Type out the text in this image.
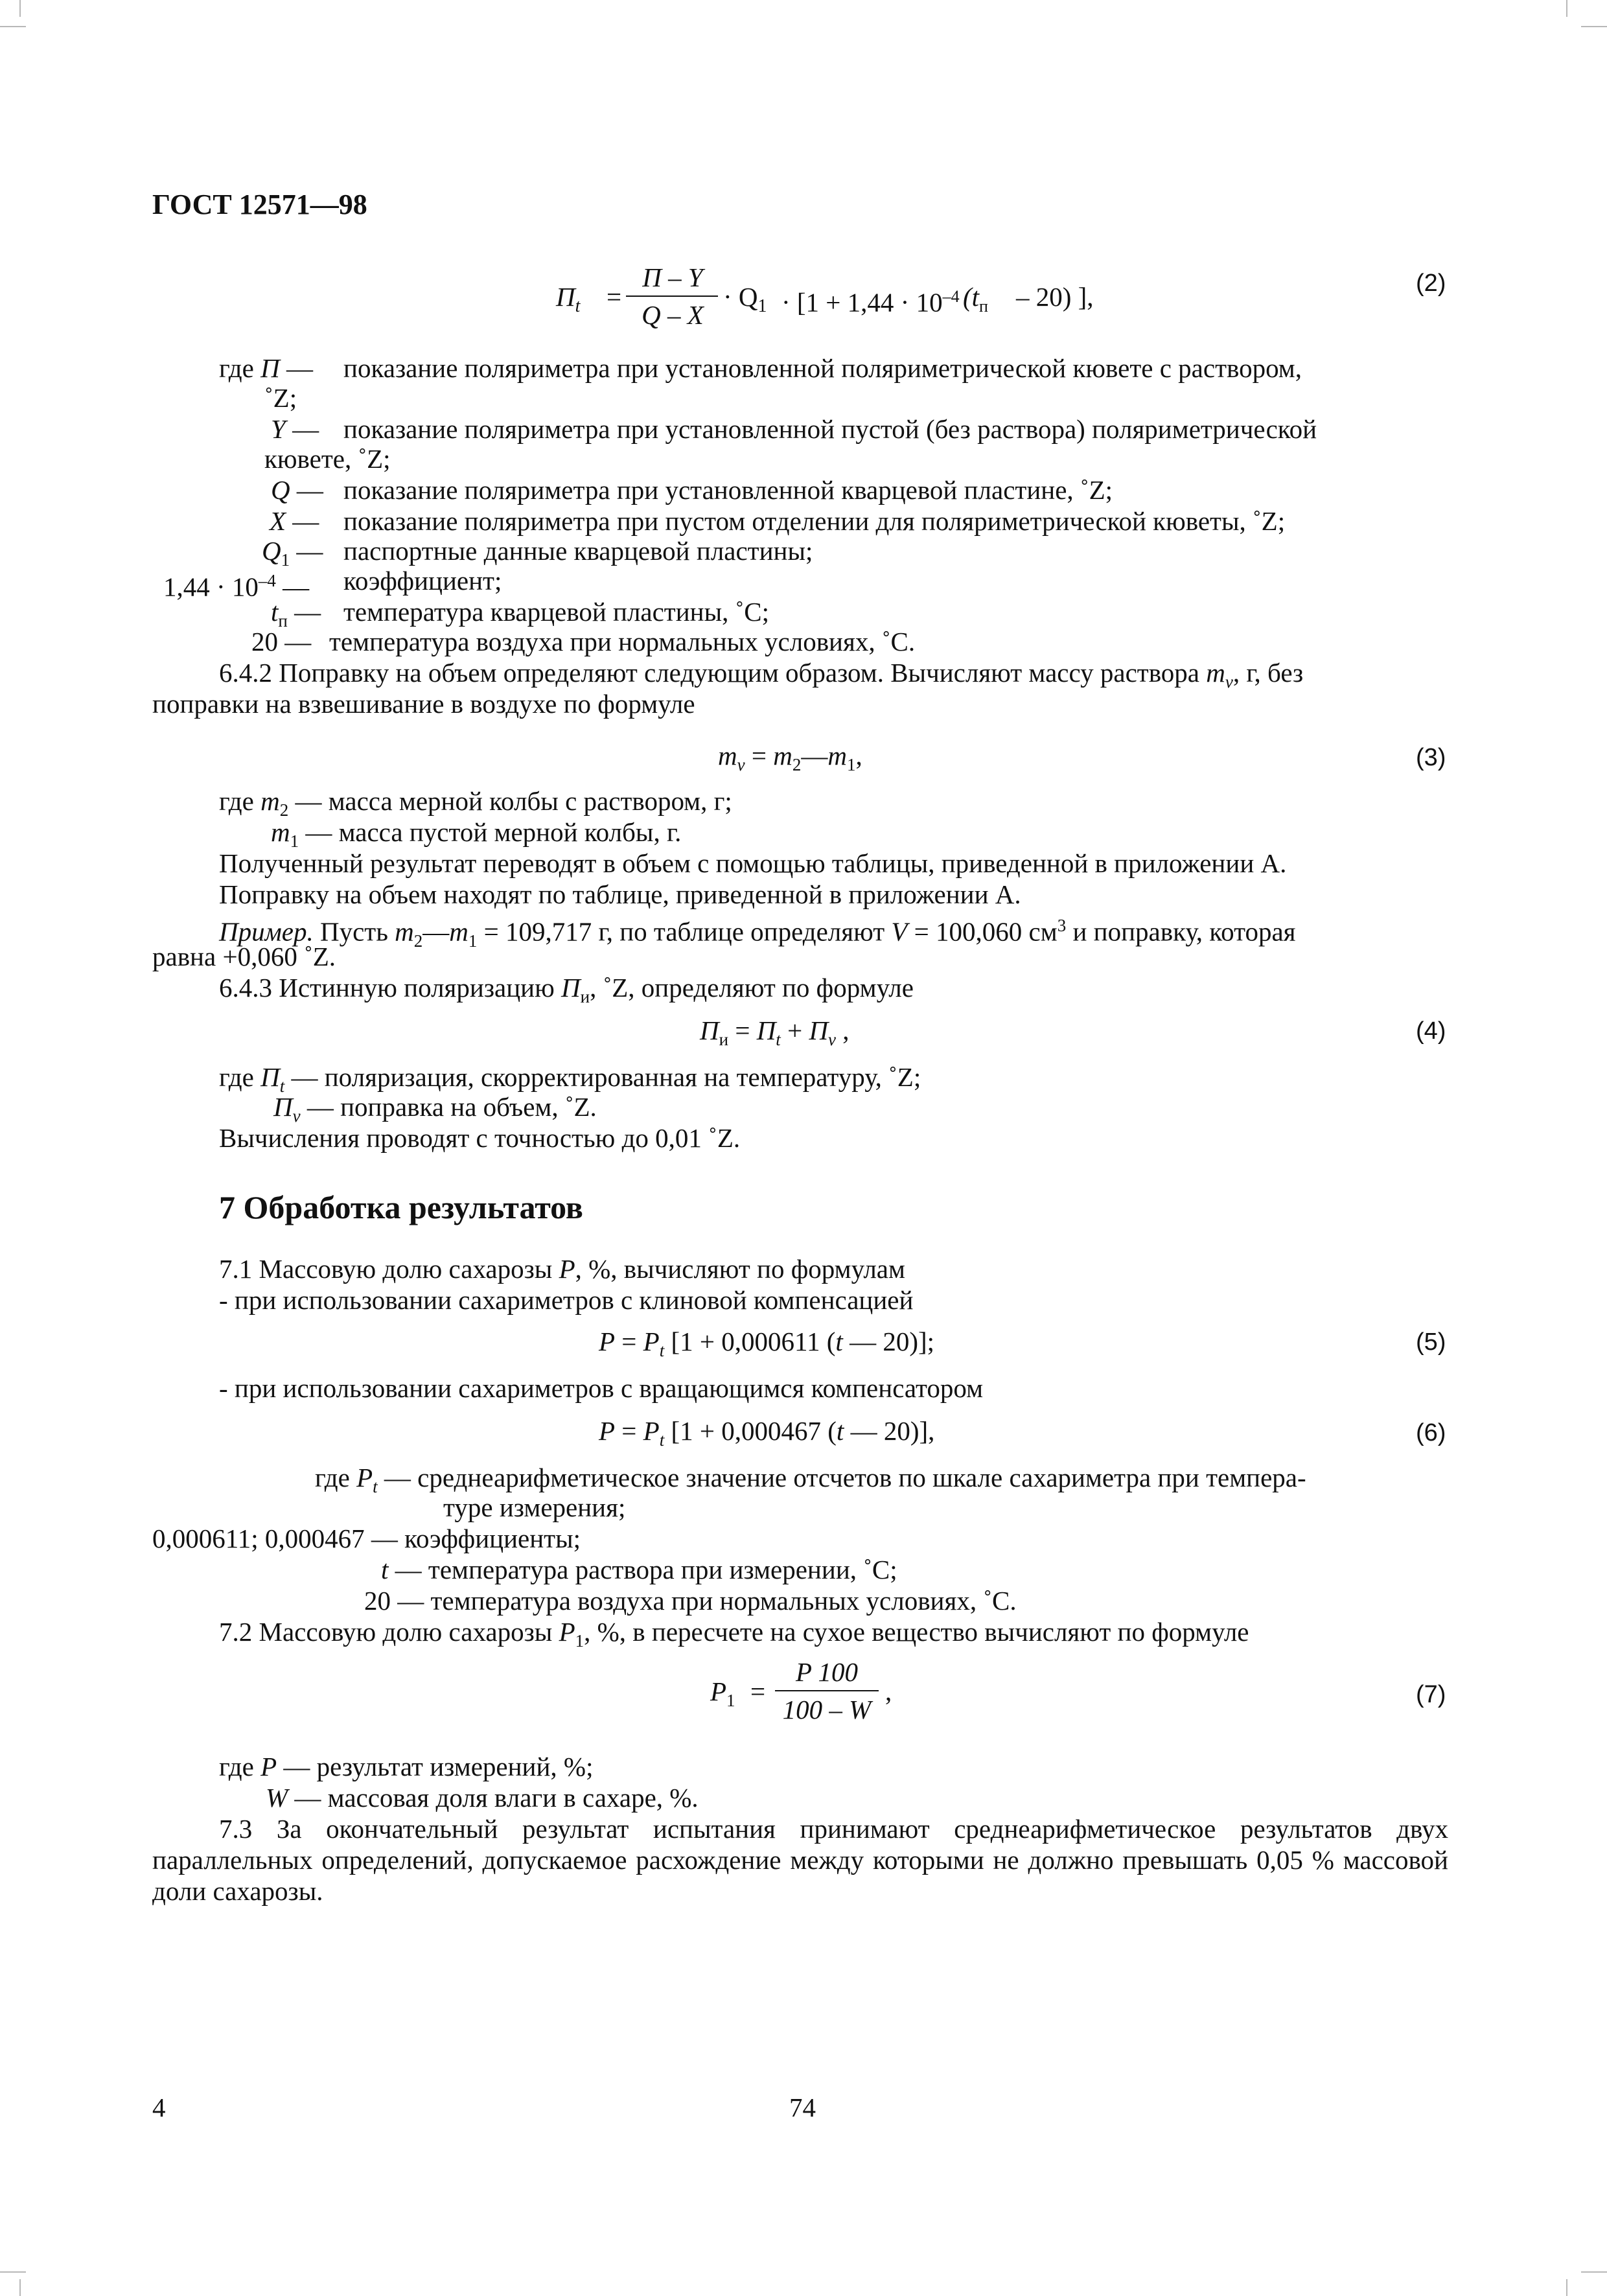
ГОСТ 12571—98
$П_t$ =
П – Y
Q – X
· $Q_1 \cdot [1 + 1,44 \cdot 10^{-4}$ $(t_п - 20)$ ],	(2)
где П — показание поляриметра при установленной поляриметрической кювете с раствором,
˚Z;
Y — показание поляриметра при установленной пустой (без раствора) поляриметрической
кювете, ˚Z;
Q — показание поляриметра при установленной кварцевой пластине, ˚Z;
X — показание поляриметра при пустом отделении для поляриметрической кюветы, ˚Z;
$Q_1$ — паспортные данные кварцевой пластины;
$1,44 \cdot 10^{-4}$ — коэффициент;
$t_п$ — температура кварцевой пластины, ˚С;
20 — температура воздуха при нормальных условиях, ˚С.
6.4.2 Поправку на объем определяют следующим образом. Вычисляют массу раствора $m_v$, г, без
поправки на взвешивание в воздухе по формуле
$m_v$ = $m_2—m_1$,	(3)
где $m_2$ — масса мерной колбы с раствором, г;
$m_1$ — масса пустой мерной колбы, г.
Полученный результат переводят в объем с помощью таблицы, приведенной в приложении А.
Поправку на объем находят по таблице, приведенной в приложении А.
Пример. Пусть $m_2—m_1 = 109,717$ г, по таблице определяют V = 100,060 $см^3$ и поправку, которая
равна +0,060 ˚Z.
6.4.3 Истинную поляризацию $П_и$, ˚Z, определяют по формуле
$П_и = П_t + П_v$ ,	(4)
где $П_t$ — поляризация, скорректированная на температуру, ˚Z;
$П_v$ — поправка на объем, ˚Z.
Вычисления проводят с точностью до 0,01 ˚Z.
7 Обработка результатов
7.1 Массовую долю сахарозы P, %, вычисляют по формулам
- при использовании сахариметров с клиновой компенсацией
$P = P_t$ [1 + 0,000611 (t — 20)];	(5)
- при использовании сахариметров с вращающимся компенсатором
$P = P_t$ [1 + 0,000467 (t — 20)],	(6)
где $P_t$ — среднеарифметическое значение отсчетов по шкале сахариметра при темпера-
туре измерения;
0,000611; 0,000467 — коэффициенты;
t — температура раствора при измерении, ˚С;
20 — температура воздуха при нормальных условиях, ˚С.
7.2 Массовую долю сахарозы $P_1$, %, в пересчете на сухое вещество вычисляют по формуле
$P_1$ =
P 100
100 – W
,	(7)
где P — результат измерений, %;
W — массовая доля влаги в сахаре, %.
7.3 За окончательный результат испытания принимают среднеарифметическое результатов двух параллельных определений, допускаемое расхождение между которыми не должно превышать 0,05 % массовой доли сахарозы.
4	74
